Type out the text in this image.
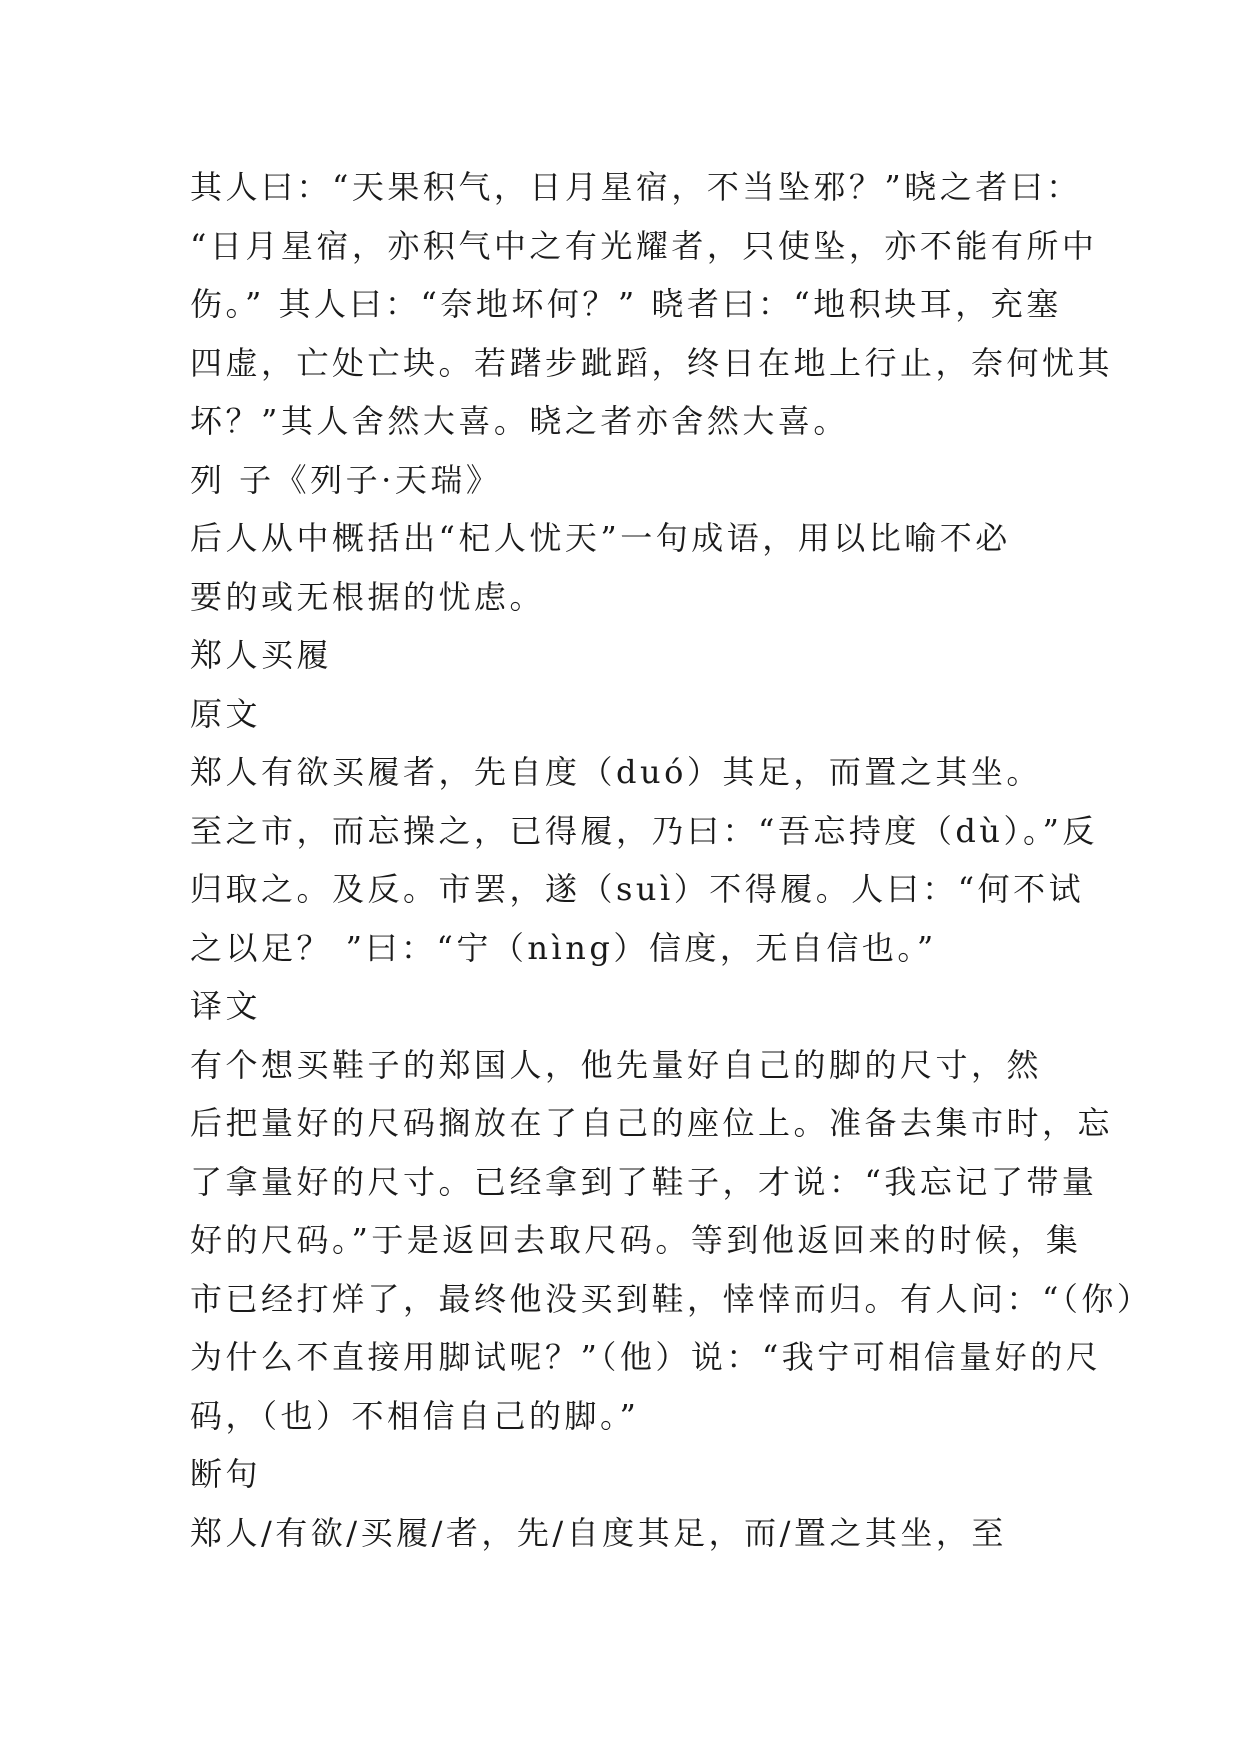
其人曰：“天果积气，日月星宿，不当坠邪？”晓之者曰：

“日月星宿，亦积气中之有光耀者，只使坠，亦不能有所中

伤。” 其人曰：“奈地坏何？” 晓者曰：“地积块耳，充塞

四虚，亡处亡块。若躇步跐蹈，终日在地上行止，奈何忧其

坏？”其人舍然大喜。晓之者亦舍然大喜。

列 子《列子·天瑞》

后人从中概括出“杞人忧天”一句成语，用以比喻不必

要的或无根据的忧虑。

郑人买履

原文

郑人有欲买履者，先自度（duó）其足，而置之其坐。

至之市，而忘操之，已得履，乃曰：“吾忘持度（dù）。”反

归取之。及反。市罢，遂（suì）不得履。人曰：“何不试

之以足？ ”曰：“宁（nìng）信度，无自信也。”

译文

有个想买鞋子的郑国人，他先量好自己的脚的尺寸，然

后把量好的尺码搁放在了自己的座位上。准备去集市时，忘

了拿量好的尺寸。已经拿到了鞋子，才说：“我忘记了带量

好的尺码。”于是返回去取尺码。等到他返回来的时候，集

市已经打烊了，最终他没买到鞋，悻悻而归。有人问：“（你）

为什么不直接用脚试呢？”（他）说：“我宁可相信量好的尺

码，（也）不相信自己的脚。”

断句

郑人/有欲/买履/者，先/自度其足，而/置之其坐，至
